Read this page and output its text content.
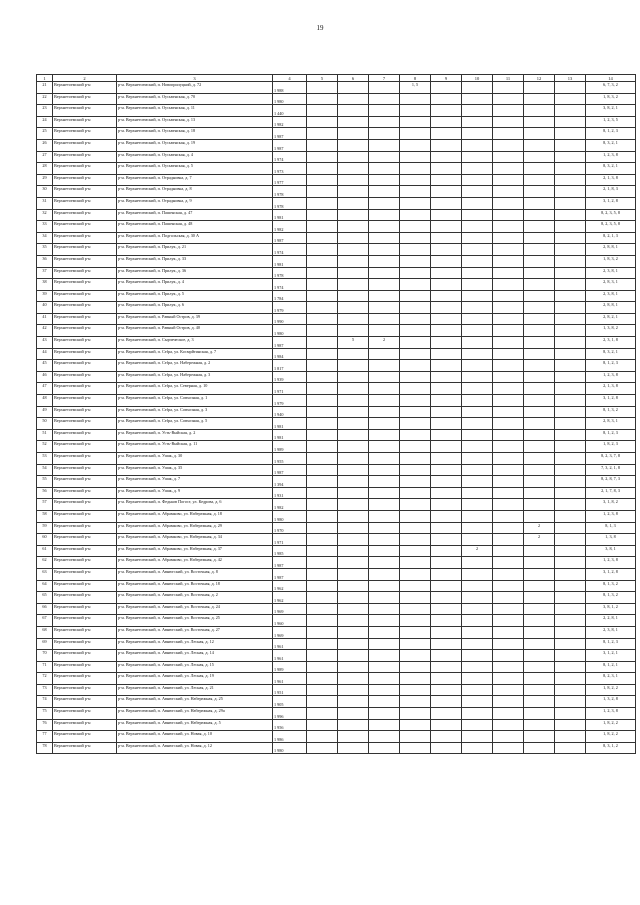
19
1	2	3	4	5	6	7	8	9	10	11	12	13	14
21	Верхнетоемский р-н	р-н. Верхнетоемский, п. Новоприлуцкий, д. 72	1 988				1, 5						6, 7, 3, 2
22	Верхнетоемский р-н	р-н. Верхнетоемский, п. Оусьвенская, д. 70	1 980										1, 8, 3, 2
23	Верхнетоемский р-н	р-н. Верхнетоемский, п. Оусьвенская, д. 11	1 440										3, 8, 2, 1
24	Верхнетоемский р-н	р-н. Верхнетоемский, п. Оусьвенская, д. 13	1 982										1, 2, 3, 5
25	Верхнетоемский р-н	р-н. Верхнетоемский, п. Оусьвенская, д. 18	1 987										8, 1, 2, 3
26	Верхнетоемский р-н	р-н. Верхнетоемский, п. Оусьвенская, д. 19	1 987										8, 3, 2, 1
27	Верхнетоемский р-н	р-н. Верхнетоемский, п. Оусьвенская, д. 4	1 974										1, 2, 3, 8
28	Верхнетоемский р-н	р-н. Верхнетоемский, п. Оусьвенская, д. 5	1 973										8, 3, 2, 1
29	Верхнетоемский р-н	р-н. Верхнетоемский, п. Отрадновка, д. 7	1 977										2, 1, 3, 8
30	Верхнетоемский р-н	р-н. Верхнетоемский, п. Отрадновка, д. 8	1 978										2, 1, 8, 3
31	Верхнетоемский р-н	р-н. Верхнетоемский, п. Отрадновка, д. 9	1 978										3, 1, 2, 8
32	Верхнетоемский р-н	р-н. Верхнетоемский, п. Пашенская, д. 47	1 981										8, 2, 3, 5, 8
33	Верхнетоемский р-н	р-н. Верхнетоемский, п. Пашенская, д. 48	1 982										8, 2, 3, 5, 8
34	Верхнетоемский р-н	р-н. Верхнетоемский, п. Подгольская, д. 30 А	1 987										8, 2, 1, 3
35	Верхнетоемский р-н	р-н. Верхнетоемский, п. Прилук, д. 21	1 974										2, 8, 8, 1
36	Верхнетоемский р-н	р-н. Верхнетоемский, п. Прилук, д. 33	1 981										1, 8, 3, 2
37	Верхнетоемский р-н	р-н. Верхнетоемский, п. Прилук, д. 36	1 978										2, 3, 8, 1
38	Верхнетоемский р-н	р-н. Верхнетоемский, п. Прилук, д. 4	1 974										2, 8, 3, 1
39	Верхнетоемский р-н	р-н. Верхнетоемский, п. Прилук, д. 5	1 784										2, 3, 8, 1
40	Верхнетоемский р-н	р-н. Верхнетоемский, п. Прилук, д. 6	1 979										2, 8, 8, 1
41	Верхнетоемский р-н	р-н. Верхнетоемский, п. Равный Остров, д. 39	1 990										2, 8, 2, 1
42	Верхнетоемский р-н	р-н. Верхнетоемский, п. Равный Остров, д. 40	1 980										1, 3, 8, 2
43	Верхнетоемский р-н	р-н. Верхнетоемский, п. Сырчеческое, д. 3	1 987		5	2							2, 3, 1, 8
44	Верхнетоемский р-н	р-н. Верхнетоемский, п. Сefра, ул. Космрйтинская, д. 7	1 984										8, 3, 2, 1
45	Верхнетоемский р-н	р-н. Верхнетоемский, п. Сefра, ул. Набережная, д. 2	1 817										8, 1, 2, 3
46	Верхнетоемский р-н	р-н. Верхнетоемский, п. Сefра, ул. Набережная, д. 3	1 939										1, 2, 3, 8
47	Верхнетоемский р-н	р-н. Верхнетоемский, п. Сefра, ул. Северная, д. 10	1 971										2, 1, 3, 8
48	Верхнетоемский р-н	р-н. Верхнетоемский, п. Сefра, ул. Совхозная, д. 1	1 979										3, 1, 2, 8
49	Верхнетоемский р-н	р-н. Верхнетоемский, п. Сefра, ул. Совхозная, д. 3	1 940										8, 1, 3, 2
50	Верхнетоемский р-н	р-н. Верхнетоемский, п. Сefра, ул. Совхозная, д. 5	1 981										2, 8, 3, 1
51	Верхнетоемский р-н	р-н. Верхнетоемский, п. Усть-Выйская, д. 2	1 981										8, 1, 2, 3
52	Верхнетоемский р-н	р-н. Верхнетоемский, п. Усть-Выйская, д. 11	1 989										1, 8, 2, 3
53	Верхнетоемский р-н	р-н. Верхнетоемский, п. Ушак, д. 30	1 955										8, 2, 3, 7, 8
54	Верхнетоемский р-н	р-н. Верхнетоемский, п. Ушак, д. 35	1 987										7, 3, 2, 1, 8
55	Верхнетоемский р-н	р-н. Верхнетоемский, п. Ушак, д. 7	1 394										8, 2, 8, 7, 3
56	Верхнетоемский р-н	р-н. Верхнетоемский, п. Ушак, д. 9	1 931										2, 1, 7, 8, 3
57	Верхнетоемский р-н	р-н. Верхнетоемский, п. Федьков Погост, ул. Кедрова, д. 6	1 982										3, 1, 8, 2
58	Верхнетоемский р-н	р-н. Верхнетоемский, п. Абрамково, ул. Набережная, д. 18	1 980										1, 2, 3, 8
59	Верхнетоемский р-н	р-н. Верхнетоемский, п. Абрамково, ул. Набережная, д. 29	1 970								2		8, 1, 3
60	Верхнетоемский р-н	р-н. Верхнетоемский, п. Абрамково, ул. Набережная, д. 34	1 971								2		1, 3, 8
61	Верхнетоемский р-н	р-н. Верхнетоемский, п. Абрамково, ул. Набережная, д. 37	1 985						2				3, 8, 1
62	Верхнетоемский р-н	р-н. Верхнетоемский, п. Абрамково, ул. Набережная, д. 42	1 987										1, 2, 3, 8
63	Верхнетоемский р-н	р-н. Верхнетоемский, п. Авнюгский, ул. Восточная, д. 8	1 987										3, 1, 2, 8
64	Верхнетоемский р-н	р-н. Верхнетоемский, п. Авнюгский, ул. Восточная, д. 18	1 962										8, 1, 3, 2
65	Верхнетоемский р-н	р-н. Верхнетоемский, п. Авнюгский, ул. Восточная, д. 2	1 962										8, 1, 3, 2
66	Верхнетоемский р-н	р-н. Верхнетоемский, п. Авнюгский, ул. Восточная, д. 24	1 969										3, 8, 1, 2
67	Верхнетоемский р-н	р-н. Верхнетоемский, п. Авнюгский, ул. Восточная, д. 25	1 960										2, 2, 8, 1
68	Верхнетоемский р-н	р-н. Верхнетоемский, п. Авнюгский, ул. Восточная, д. 27	1 969										2, 3, 8, 1
69	Верхнетоемский р-н	р-н. Верхнетоемский, п. Авнюгский, ул. Лесная, д. 12	1 961										8, 1, 2, 3
70	Верхнетоемский р-н	р-н. Верхнетоемский, п. Авнюгский, ул. Лесная, д. 14	1 961										3, 1, 2, 1
71	Верхнетоемский р-н	р-н. Верхнетоемский, п. Авнюгский, ул. Лесная, д. 15	1 989										8, 1, 2, 1
72	Верхнетоемский р-н	р-н. Верхнетоемский, п. Авнюгский, ул. Лесная, д. 19	1 961										8, 2, 3, 1
73	Верхнетоемский р-н	р-н. Верхнетоемский, п. Авнюгский, ул. Лесная, д. 21	1 951										1, 8, 2, 2
74	Верхнетоемский р-н	р-н. Верхнетоемский, п. Авнюгский, ул. Набережная, д. 25	1 905										1, 3, 2, 8
75	Верхнетоемский р-н	р-н. Верхнетоемский, п. Авнюгский, ул. Набережная, д. 29а	1 996										1, 2, 3, 8
76	Верхнетоемский р-н	р-н. Верхнетоемский, п. Авнюгский, ул. Набережная, д. 5	1 956										1, 8, 2, 2
77	Верхнетоемский р-н	р-н. Верхнетоемский, п. Авнюгский, ул. Новая, д. 10	1 986										1, 8, 2, 2
78	Верхнетоемский р-н	р-н. Верхнетоемский, п. Авнюгский, ул. Новая, д. 12	1 980										8, 3, 1, 2
